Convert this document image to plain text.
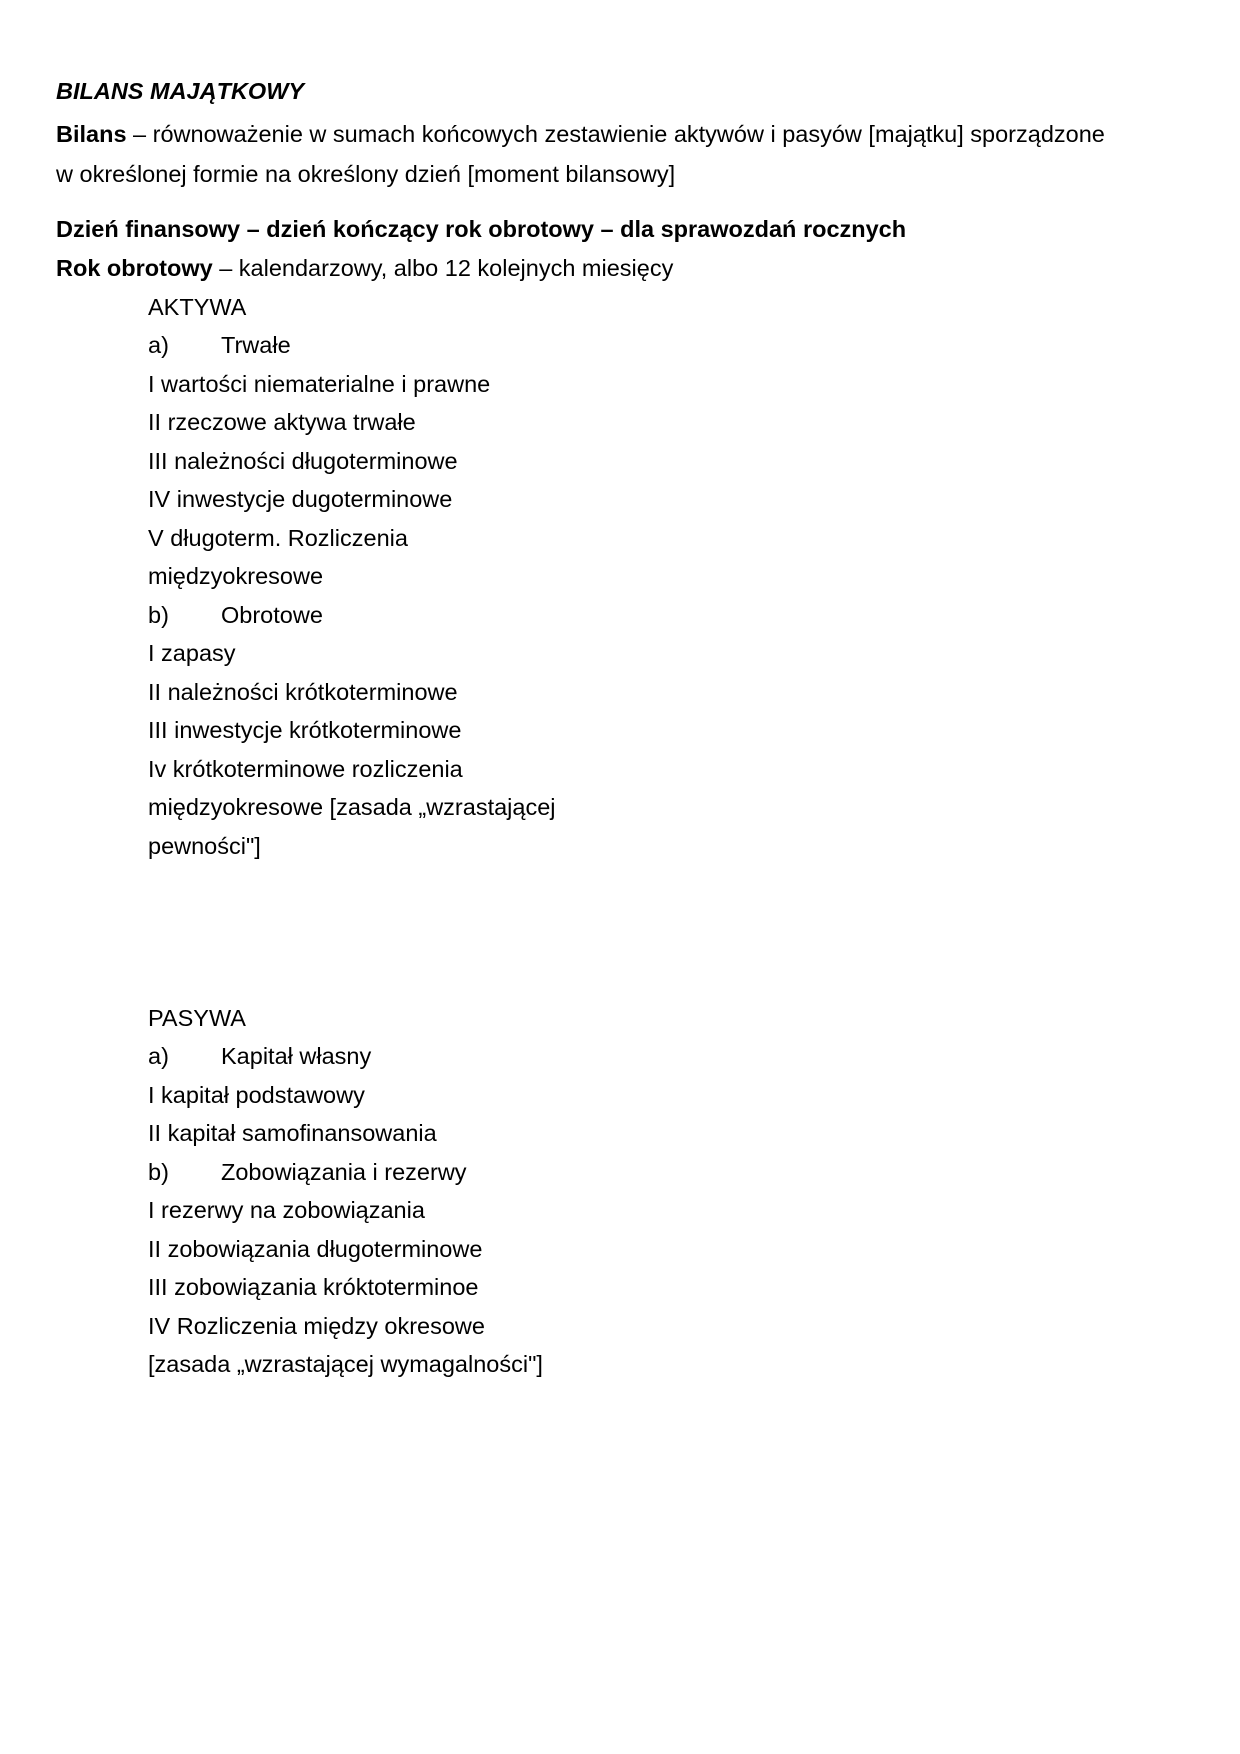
BILANS MAJĄTKOWY
Bilans – równoważenie w sumach końcowych zestawienie aktywów i pasyów [majątku] sporządzone
w określonej formie na określony dzień [moment bilansowy]
Dzień finansowy – dzień kończący rok obrotowy – dla sprawozdań rocznych
Rok obrotowy – kalendarzowy, albo 12 kolejnych miesięcy
AKTYWA
a) Trwałe
I wartości niematerialne i prawne
II rzeczowe aktywa trwałe
III należności długoterminowe
IV inwestycje dugoterminowe
V długoterm. Rozliczenia
międzyokresowe
b) Obrotowe
I zapasy
II należności krótkoterminowe
III inwestycje krótkoterminowe
Iv krótkoterminowe rozliczenia
międzyokresowe [zasada „wzrastającej
pewności"]
PASYWA
a) Kapitał własny
I kapitał podstawowy
II kapitał samofinansowania
b) Zobowiązania i rezerwy
I rezerwy na zobowiązania
II zobowiązania długoterminowe
III zobowiązania króktoterminoe
IV Rozliczenia między okresowe
[zasada „wzrastającej wymagalności"]
